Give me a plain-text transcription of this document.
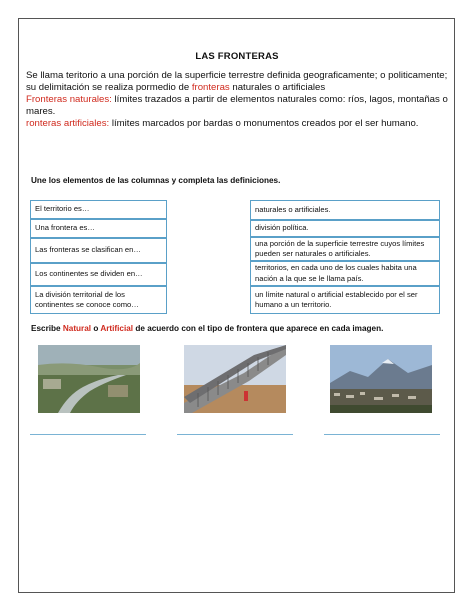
LAS FRONTERAS
Se llama teritorio a una porción de la superficie terrestre definida geograficamente; o politicamente; su delimitación se realiza pormedio de fronteras naturales o artificiales
Fronteras naturales: límites trazados a partir de elementos naturales como: ríos, lagos, montañas o mares.
ronteras artificiales: límites marcados por bardas o monumentos creados por el ser humano.
Une los elementos de las columnas y completa las definiciones.
El territorio es…
Una frontera es…
Las fronteras se clasifican en…
Los continentes se dividen en…
La división territorial de los continentes se conoce como…
naturales o artificiales.
división política.
una porción de la superficie terrestre cuyos límites pueden ser naturales o artificiales.
territorios, en cada uno de los cuales habita una nación a la que se le llama país.
un límite natural o artificial establecido por el ser humano a un territorio.
Escribe Natural o Artificial de acuerdo con el tipo de frontera que aparece en cada imagen.
